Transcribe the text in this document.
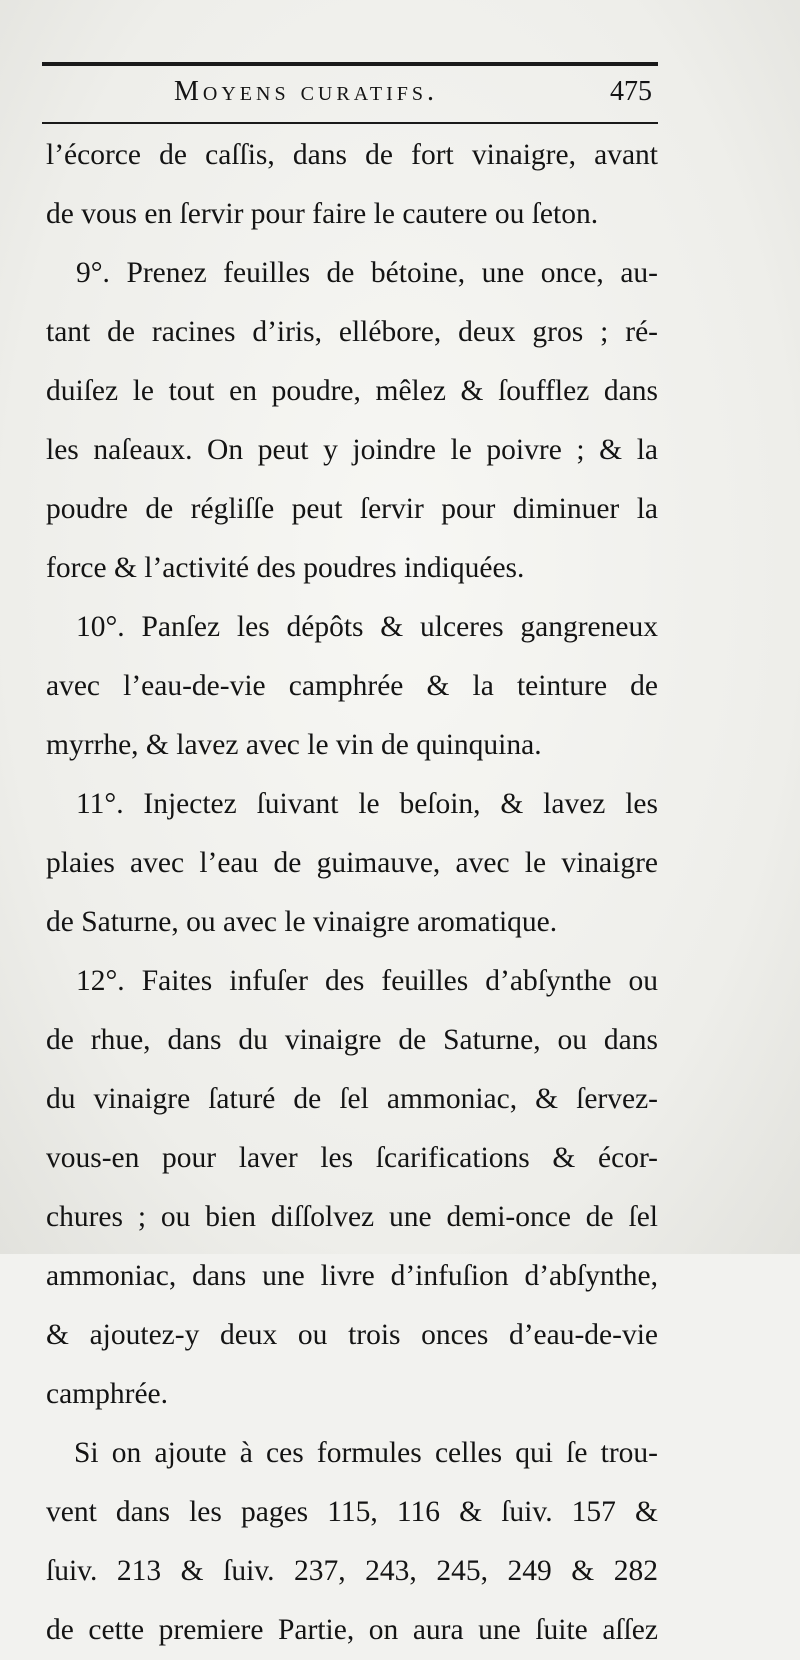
Moyens curatifs.	475
l’écorce de caſſis, dans de fort vinaigre, avant
de vous en ſervir pour faire le cautere ou ſeton.
9°. Prenez feuilles de bétoine, une once, au-
tant de racines d’iris, ellébore, deux gros ; ré-
duiſez le tout en poudre, mêlez & ſoufflez dans
les naſeaux. On peut y joindre le poivre ; & la
poudre de régliſſe peut ſervir pour diminuer la
force & l’activité des poudres indiquées.
10°. Panſez les dépôts & ulceres gangreneux
avec l’eau-de-vie camphrée & la teinture de
myrrhe, & lavez avec le vin de quinquina.
11°. Injectez ſuivant le beſoin, & lavez les
plaies avec l’eau de guimauve, avec le vinaigre
de Saturne, ou avec le vinaigre aromatique.
12°. Faites infuſer des feuilles d’abſynthe ou
de rhue, dans du vinaigre de Saturne, ou dans
du vinaigre ſaturé de ſel ammoniac, & ſervez-
vous-en pour laver les ſcarifications & écor-
chures ; ou bien diſſolvez une demi-once de ſel
ammoniac, dans une livre d’infuſion d’abſynthe,
& ajoutez-y deux ou trois onces d’eau-de-vie
camphrée.
Si on ajoute à ces formules celles qui ſe trou-
vent dans les pages 115, 116 & ſuiv. 157 &
ſuiv. 213 & ſuiv. 237, 243, 245, 249 & 282
de cette premiere Partie, on aura une ſuite aſſez
